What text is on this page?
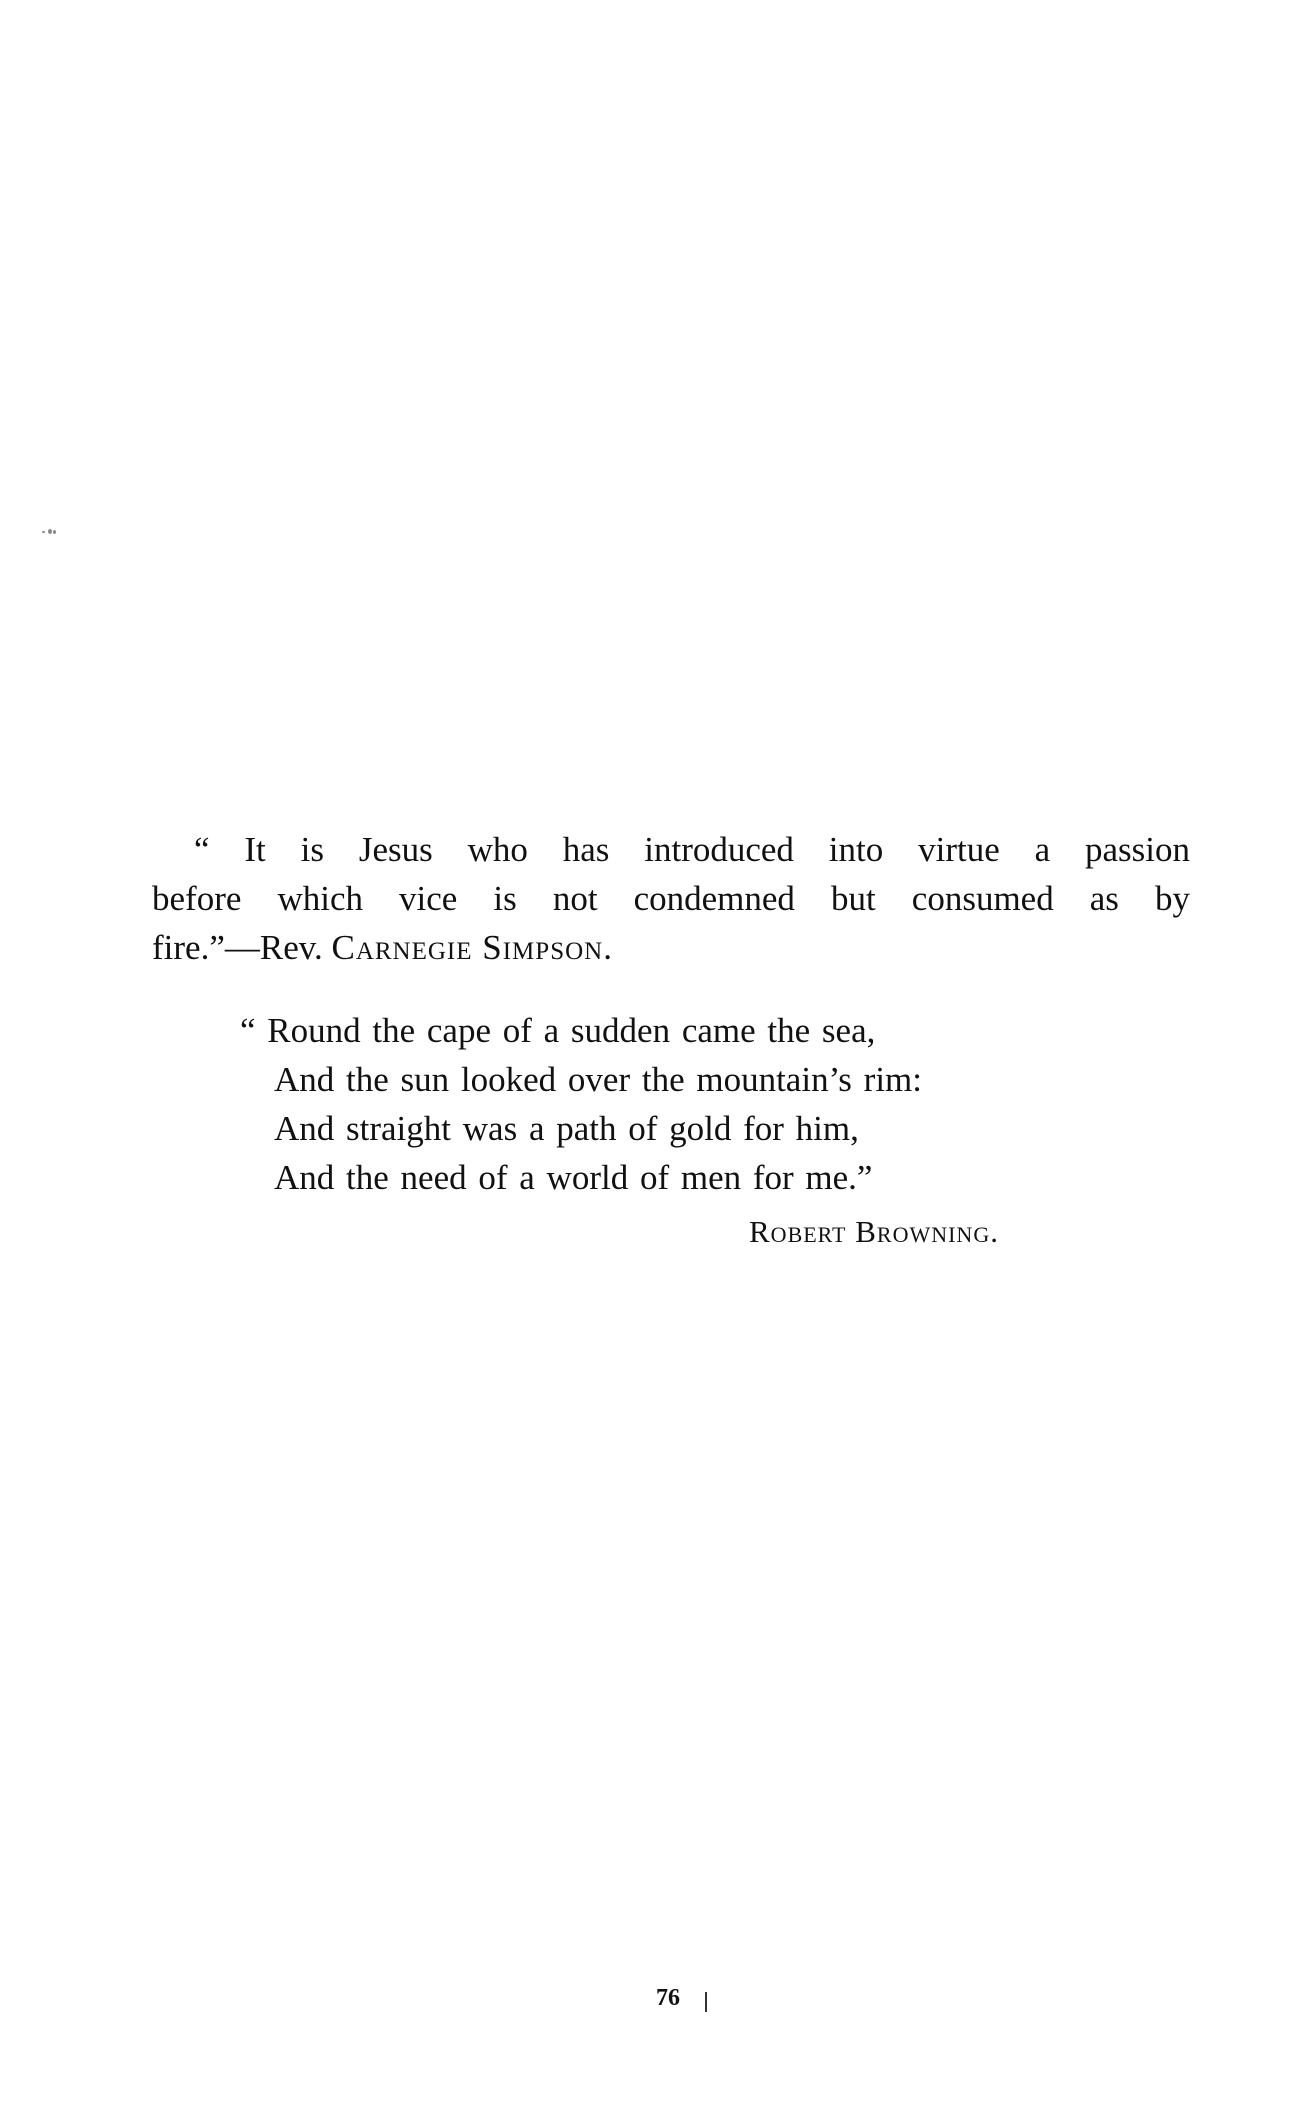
“ It is Jesus who has introduced into virtue a passion
before which vice is not condemned but consumed as by
fire.”—Rev. Carnegie Simpson.

“ Round the cape of a sudden came the sea,
And the sun looked over the mountain’s rim:
And straight was a path of gold for him,
And the need of a world of men for me.”
Robert Browning.
76
